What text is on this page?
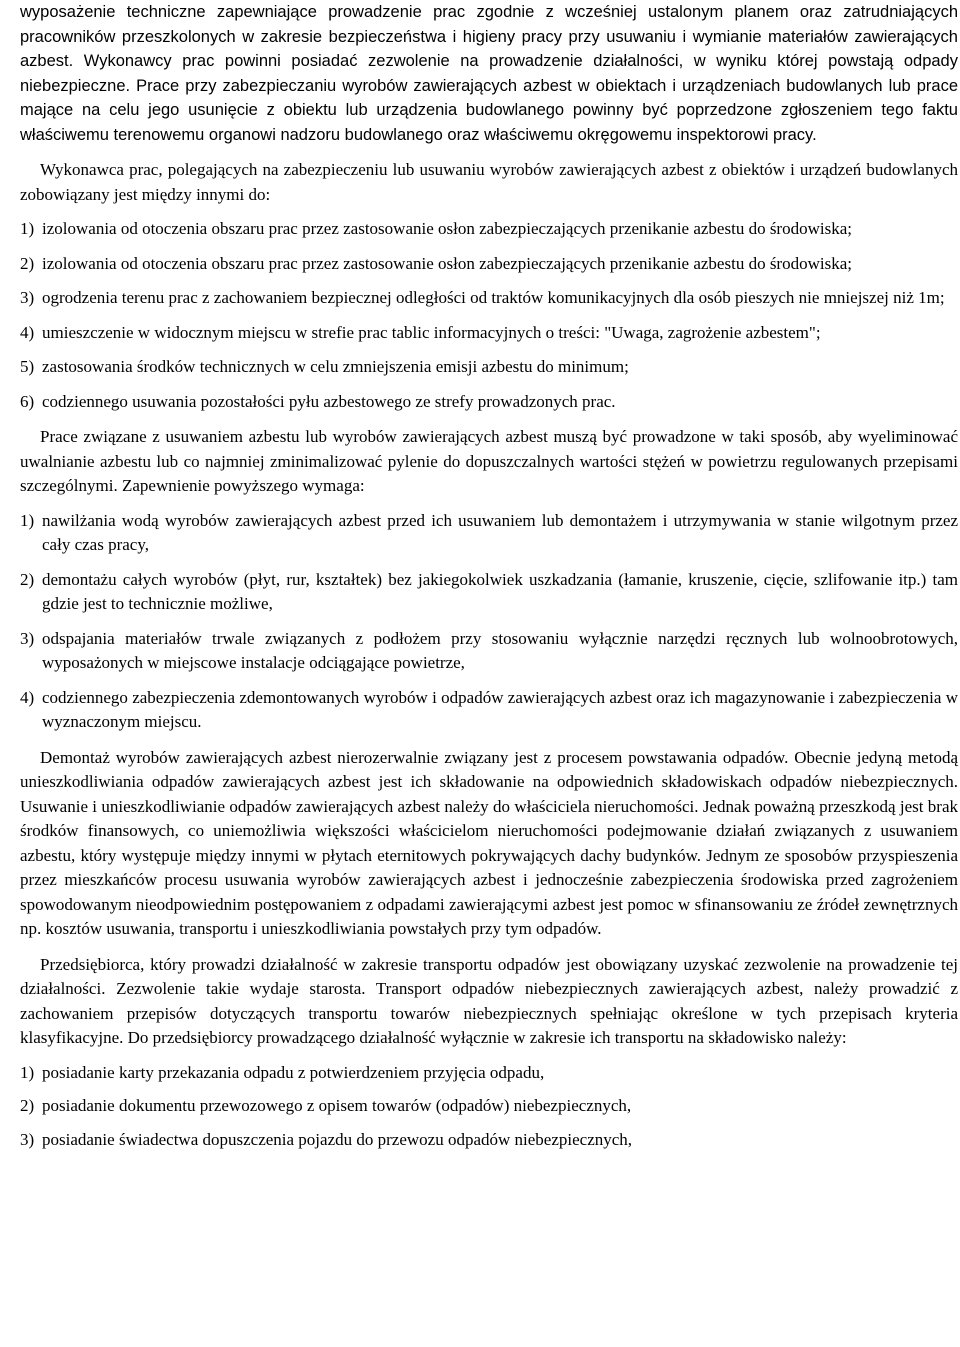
wyposażenie techniczne zapewniające prowadzenie prac zgodnie z wcześniej ustalonym planem oraz zatrudniających pracowników przeszkolonych w zakresie bezpieczeństwa i higieny pracy przy usuwaniu i wymianie materiałów zawierających azbest. Wykonawcy prac powinni posiadać zezwolenie na prowadzenie działalności, w wyniku której powstają odpady niebezpieczne. Prace przy zabezpieczaniu wyrobów zawierających azbest w obiektach i urządzeniach budowlanych lub prace mające na celu jego usunięcie z obiektu lub urządzenia budowlanego powinny być poprzedzone zgłoszeniem tego faktu właściwemu terenowemu organowi nadzoru budowlanego oraz właściwemu okręgowemu inspektorowi pracy.

Wykonawca prac, polegających na zabezpieczeniu lub usuwaniu wyrobów zawierających azbest z obiektów i urządzeń budowlanych zobowiązany jest między innymi do:

1) izolowania od otoczenia obszaru prac przez zastosowanie osłon zabezpieczających przenikanie azbestu do środowiska;
2) izolowania od otoczenia obszaru prac przez zastosowanie osłon zabezpieczających przenikanie azbestu do środowiska;
3) ogrodzenia terenu prac z zachowaniem bezpiecznej odległości od traktów komunikacyjnych dla osób pieszych nie mniejszej niż 1m;
4) umieszczenie w widocznym miejscu w strefie prac tablic informacyjnych o treści: "Uwaga, zagrożenie azbestem";
5) zastosowania środków technicznych w celu zmniejszenia emisji azbestu do minimum;
6) codziennego usuwania pozostałości pyłu azbestowego ze strefy prowadzonych prac.

Prace związane z usuwaniem azbestu lub wyrobów zawierających azbest muszą być prowadzone w taki sposób, aby wyeliminować uwalnianie azbestu lub co najmniej zminimalizować pylenie do dopuszczalnych wartości stężeń w powietrzu regulowanych przepisami szczególnymi. Zapewnienie powyższego wymaga:

1) nawilżania wodą wyrobów zawierających azbest przed ich usuwaniem lub demontażem i utrzymywania w stanie wilgotnym przez cały czas pracy,
2) demontażu całych wyrobów (płyt, rur, kształtek) bez jakiegokolwiek uszkadzania (łamanie, kruszenie, cięcie, szlifowanie itp.) tam gdzie jest to technicznie możliwe,
3) odspajania materiałów trwale związanych z podłożem przy stosowaniu wyłącznie narzędzi ręcznych lub wolnoobrotowych, wyposażonych w miejscowe instalacje odciągające powietrze,
4) codziennego zabezpieczenia zdemontowanych wyrobów i odpadów zawierających azbest oraz ich magazynowanie i zabezpieczenia w wyznaczonym miejscu.

Demontaż wyrobów zawierających azbest nierozerwalnie związany jest z procesem powstawania odpadów. Obecnie jedyną metodą unieszkodliwiania odpadów zawierających azbest jest ich składowanie na odpowiednich składowiskach odpadów niebezpiecznych. Usuwanie i unieszkodliwianie odpadów zawierających azbest należy do właściciela nieruchomości. Jednak poważną przeszkodą jest brak środków finansowych, co uniemożliwia większości właścicielom nieruchomości podejmowanie działań związanych z usuwaniem azbestu, który występuje między innymi w płytach eternitowych pokrywających dachy budynków. Jednym ze sposobów przyspieszenia przez mieszkańców procesu usuwania wyrobów zawierających azbest i jednocześnie zabezpieczenia środowiska przed zagrożeniem spowodowanym nieodpowiednim postępowaniem z odpadami zawierającymi azbest jest pomoc w sfinansowaniu ze źródeł zewnętrznych np. kosztów usuwania, transportu i unieszkodliwiania powstałych przy tym odpadów.

Przedsiębiorca, który prowadzi działalność w zakresie transportu odpadów jest obowiązany uzyskać zezwolenie na prowadzenie tej działalności. Zezwolenie takie wydaje starosta. Transport odpadów niebezpiecznych zawierających azbest, należy prowadzić z zachowaniem przepisów dotyczących transportu towarów niebezpiecznych spełniając określone w tych przepisach kryteria klasyfikacyjne. Do przedsiębiorcy prowadzącego działalność wyłącznie w zakresie ich transportu na składowisko należy:

1) posiadanie karty przekazania odpadu z potwierdzeniem przyjęcia odpadu,
2) posiadanie dokumentu przewozowego z opisem towarów (odpadów) niebezpiecznych,
3) posiadanie świadectwa dopuszczenia pojazdu do przewozu odpadów niebezpiecznych,
